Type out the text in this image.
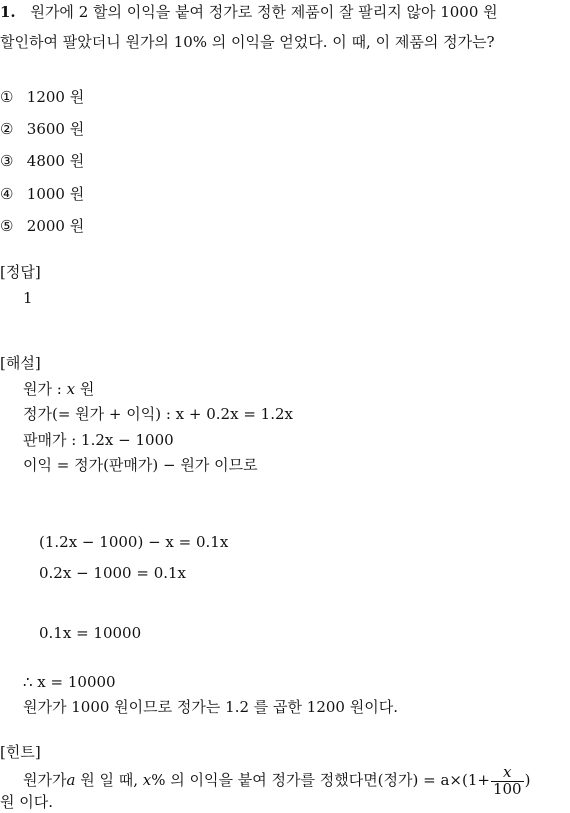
1. 원가에 2 할의 이익을 붙여 정가로 정한 제품이 잘 팔리지 않아 1000 원
할인하여 팔았더니 원가의 10% 의 이익을 얻었다. 이 때, 이 제품의 정가는?
① 1200 원
② 3600 원
③ 4800 원
④ 1000 원
⑤ 2000 원
[정답]
1
[해설]
원가 : x 원
정가(= 원가 + 이익) : x + 0.2x = 1.2x
판매가 : 1.2x − 1000
이익 = 정가(판매가) − 원가 이므로
(1.2x − 1000) − x = 0.1x
0.2x − 1000 = 0.1x
0.1x = 10000
∴ x = 10000
원가가 1000 원이므로 정가는 1.2 를 곱한 1200 원이다.
[힌트]
원가가a 원 일 때, x% 의 이익을 붙여 정가를 정했다면(정가) = $a\times(1+ \frac{x}{100}$ )
원 이다.
